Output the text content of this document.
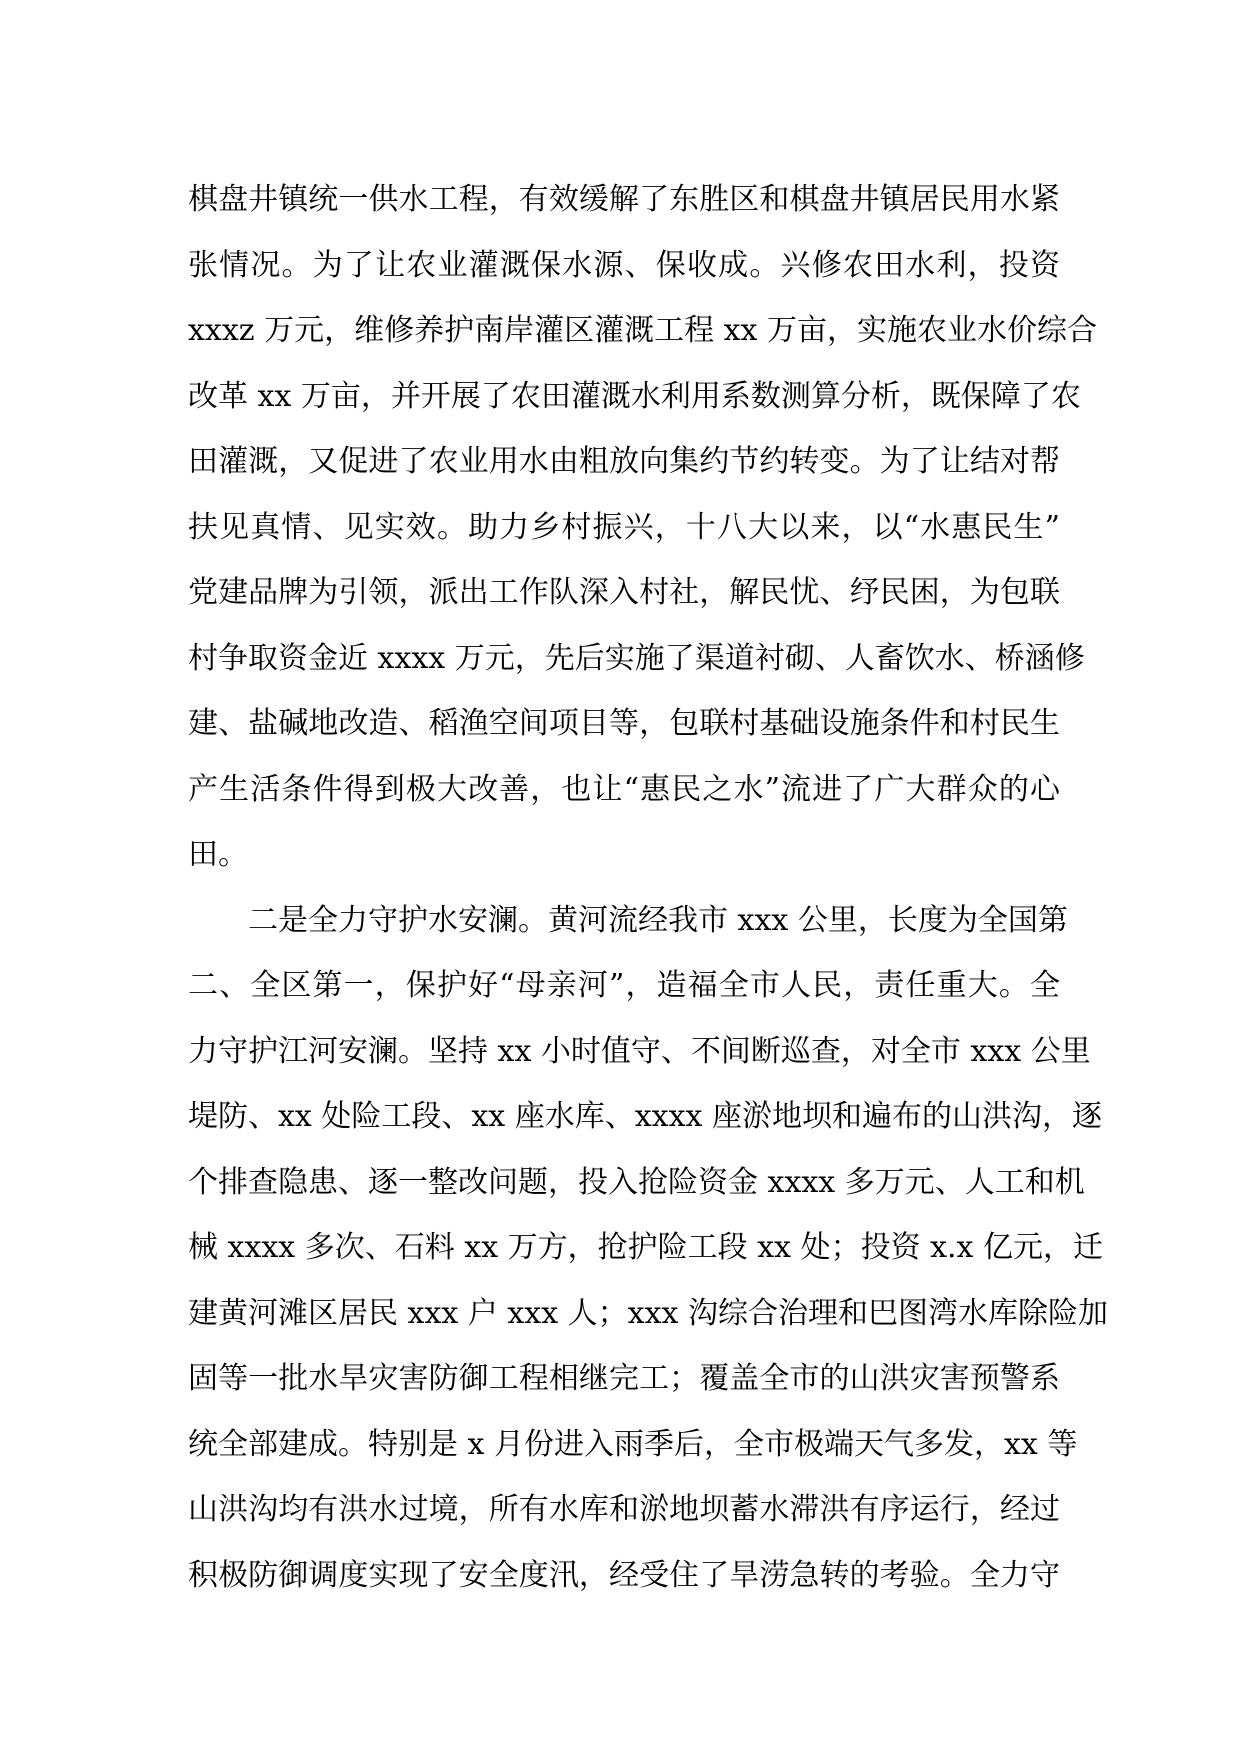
棋盘井镇统一供水工程，有效缓解了东胜区和棋盘井镇居民用水紧
张情况。为了让农业灌溉保水源、保收成。兴修农田水利，投资
xxxz 万元，维修养护南岸灌区灌溉工程 xx 万亩，实施农业水价综合
改革 xx 万亩，并开展了农田灌溉水利用系数测算分析，既保障了农
田灌溉，又促进了农业用水由粗放向集约节约转变。为了让结对帮
扶见真情、见实效。助力乡村振兴，十八大以来，以“水惠民生”
党建品牌为引领，派出工作队深入村社，解民忧、纾民困，为包联
村争取资金近 xxxx 万元，先后实施了渠道衬砌、人畜饮水、桥涵修
建、盐碱地改造、稻渔空间项目等，包联村基础设施条件和村民生
产生活条件得到极大改善，也让“惠民之水”流进了广大群众的心
田。
二是全力守护水安澜。黄河流经我市 xxx 公里，长度为全国第
二、全区第一，保护好“母亲河”，造福全市人民，责任重大。全
力守护江河安澜。坚持 xx 小时值守、不间断巡查，对全市 xxx 公里
堤防、xx 处险工段、xx 座水库、xxxx 座淤地坝和遍布的山洪沟，逐
个排查隐患、逐一整改问题，投入抢险资金 xxxx 多万元、人工和机
械 xxxx 多次、石料 xx 万方，抢护险工段 xx 处；投资 x.x 亿元，迁
建黄河滩区居民 xxx 户 xxx 人；xxx 沟综合治理和巴图湾水库除险加
固等一批水旱灾害防御工程相继完工；覆盖全市的山洪灾害预警系
统全部建成。特别是 x 月份进入雨季后，全市极端天气多发，xx 等
山洪沟均有洪水过境，所有水库和淤地坝蓄水滞洪有序运行，经过
积极防御调度实现了安全度汛，经受住了旱涝急转的考验。全力守
